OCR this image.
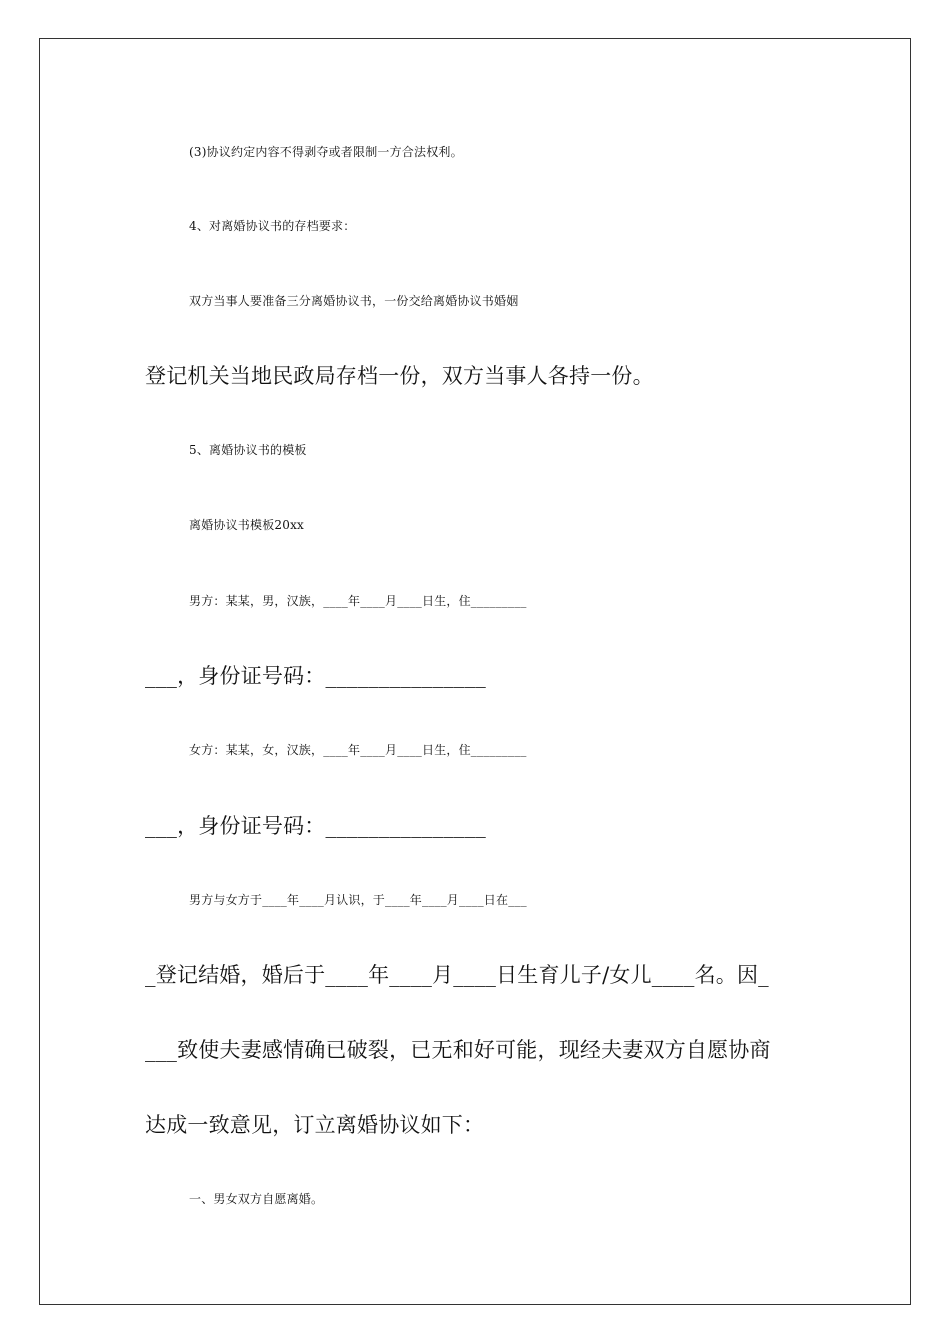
(3)协议约定内容不得剥夺或者限制一方合法权利。
4、对离婚协议书的存档要求：
双方当事人要准备三分离婚协议书，一份交给离婚协议书婚姻
登记机关当地民政局存档一份，双方当事人各持一份。
5、离婚协议书的模板
离婚协议书模板20xx
男方：某某，男，汉族，____年____月____日生，住_________
___，身份证号码：_______________
女方：某某，女，汉族，____年____月____日生，住_________
___，身份证号码：_______________
男方与女方于____年____月认识，于____年____月____日在___
_登记结婚，婚后于____年____月____日生育儿子/女儿____名。因_
___致使夫妻感情确已破裂，已无和好可能，现经夫妻双方自愿协商
达成一致意见，订立离婚协议如下：
一、男女双方自愿离婚。
